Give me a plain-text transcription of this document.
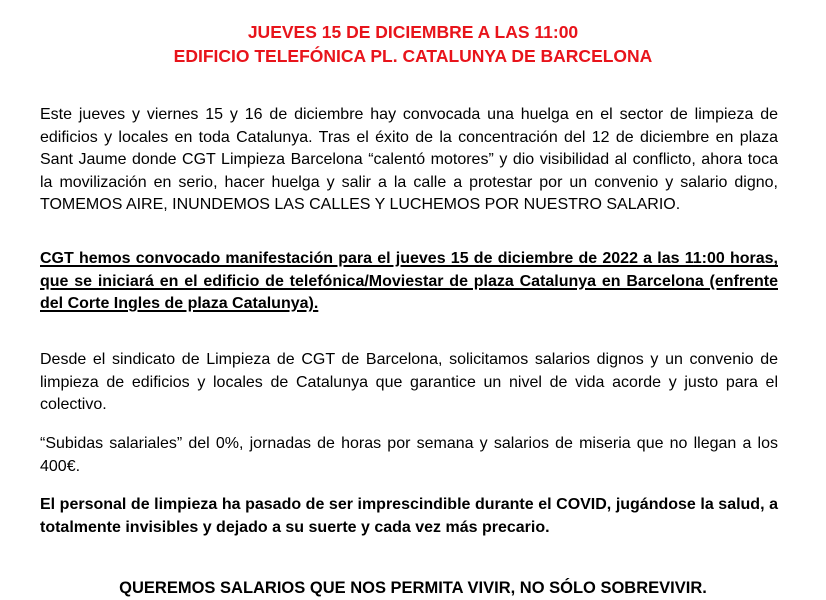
JUEVES 15 DE DICIEMBRE A LAS 11:00
EDIFICIO TELEFÓNICA PL. CATALUNYA DE BARCELONA
Este jueves y viernes 15 y 16 de diciembre hay convocada una huelga en el sector de limpieza de edificios y locales en toda Catalunya. Tras el éxito de la concentración del 12 de diciembre en plaza Sant Jaume donde CGT Limpieza Barcelona “calentó motores” y dio visibilidad al conflicto, ahora toca la movilización en serio, hacer huelga y salir a la calle a protestar por un convenio y salario digno, TOMEMOS AIRE, INUNDEMOS LAS CALLES Y LUCHEMOS POR NUESTRO SALARIO.
CGT hemos convocado manifestación para el jueves 15 de diciembre de 2022 a las 11:00 horas, que se iniciará en el edificio de telefónica/Moviestar de plaza Catalunya en Barcelona (enfrente del Corte Ingles de plaza Catalunya).
Desde el sindicato de Limpieza de CGT de Barcelona, solicitamos salarios dignos y un convenio de limpieza de edificios y locales de Catalunya que garantice un nivel de vida acorde y justo para el colectivo.
“Subidas salariales” del 0%, jornadas de horas por semana y salarios de miseria que no llegan a los 400€.
El personal de limpieza ha pasado de ser imprescindible durante el COVID, jugándose la salud, a totalmente invisibles y dejado a su suerte y cada vez más precario.
QUEREMOS SALARIOS QUE NOS PERMITA VIVIR, NO SÓLO SOBREVIVIR.
